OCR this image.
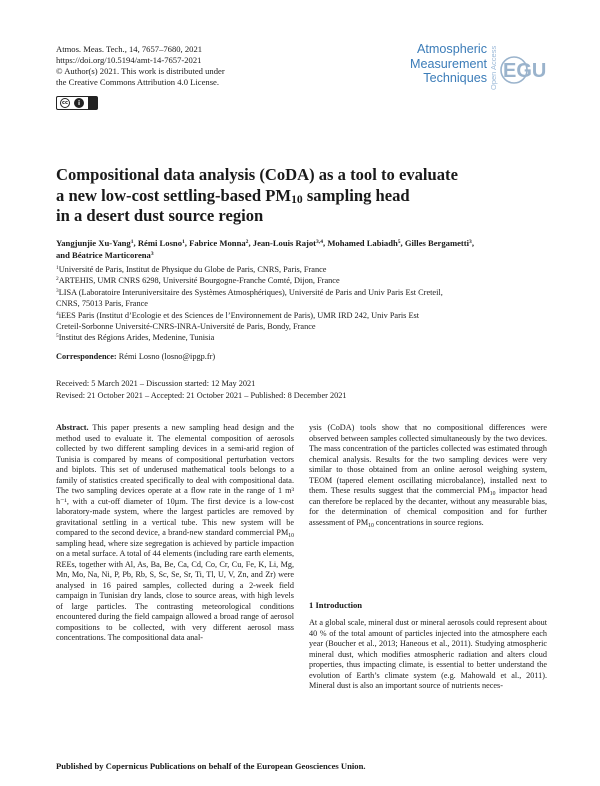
Atmos. Meas. Tech., 14, 7657–7680, 2021
https://doi.org/10.5194/amt-14-7657-2021
© Author(s) 2021. This work is distributed under
the Creative Commons Attribution 4.0 License.
cc	i
Atmospheric
Measurement
Techniques Open Access EGU
Compositional data analysis (CoDA) as a tool to evaluate
a new low-cost settling-based $PM_{10}$ sampling head
in a desert dust source region
Yangjunjie Xu-Yang$^1$, Rémi Losno$^1$, Fabrice Monna$^2$, Jean-Louis Rajot$^{3,4}$, Mohamed Labiadh$^5$, Gilles Bergametti$^3$,
and Béatrice Marticorena$^3$
$^1$Université de Paris, Institut de Physique du Globe de Paris, CNRS, Paris, France
$^2$ARTEHIS, UMR CNRS 6298, Université Bourgogne-Franche Comté, Dijon, France
$^3$LISA (Laboratoire Interuniversitaire des Systèmes Atmosphériques), Université de Paris and Univ Paris Est Creteil,
CNRS, 75013 Paris, France
$^4$iEES Paris (Institut d’Ecologie et des Sciences de l’Environnement de Paris), UMR IRD 242, Univ Paris Est
Creteil-Sorbonne Université-CNRS-INRA-Université de Paris, Bondy, France
$^5$Institut des Régions Arides, Medenine, Tunisia
Correspondence: Rémi Losno (losno@ipgp.fr)
Received: 5 March 2021 – Discussion started: 12 May 2021
Revised: 21 October 2021 – Accepted: 21 October 2021 – Published: 8 December 2021
Abstract. This paper presents a new sampling head design and the method used to evaluate it. The elemental composition of aerosols collected by two different sampling devices in a semi-arid region of Tunisia is compared by means of compositional perturbation vectors and biplots. This set of underused mathematical tools belongs to a family of statistics created specifically to deal with compositional data. The two sampling devices operate at a flow rate in the range of 1 m³ h⁻¹, with a cut-off diameter of 10µm. The first device is a low-cost laboratory-made system, where the largest particles are removed by gravitational settling in a vertical tube. This new system will be compared to the second device, a brand-new standard commercial $PM_{10}$ sampling head, where size segregation is achieved by particle impaction on a metal surface. A total of 44 elements (including rare earth elements, REEs, together with Al, As, Ba, Be, Ca, Cd, Co, Cr, Cu, Fe, K, Li, Mg, Mn, Mo, Na, Ni, P, Pb, Rb, S, Sc, Se, Sr, Ti, Tl, U, V, Zn, and Zr) were analysed in 16 paired samples, collected during a 2-week field campaign in Tunisian dry lands, close to source areas, with high levels of large particles. The contrasting meteorological conditions encountered during the field campaign allowed a broad range of aerosol compositions to be collected, with very different aerosol mass concentrations. The compositional data anal-
ysis (CoDA) tools show that no compositional differences were observed between samples collected simultaneously by the two devices. The mass concentration of the particles collected was estimated through chemical analysis. Results for the two sampling devices were very similar to those obtained from an online aerosol weighing system, TEOM (tapered element oscillating microbalance), installed next to them. These results suggest that the commercial $PM_{10}$ impactor head can therefore be replaced by the decanter, without any measurable bias, for the determination of chemical composition and for further assessment of $PM_{10}$ concentrations in source regions.
1 Introduction
At a global scale, mineral dust or mineral aerosols could represent about 40 % of the total amount of particles injected into the atmosphere each year (Boucher et al., 2013; Haneous et al., 2011). Studying atmospheric mineral dust, which modifies atmospheric radiation and alters cloud properties, thus impacting climate, is essential to better understand the evolution of Earth’s climate system (e.g. Mahowald et al., 2011). Mineral dust is also an important source of nutrients neces-
Published by Copernicus Publications on behalf of the European Geosciences Union.
